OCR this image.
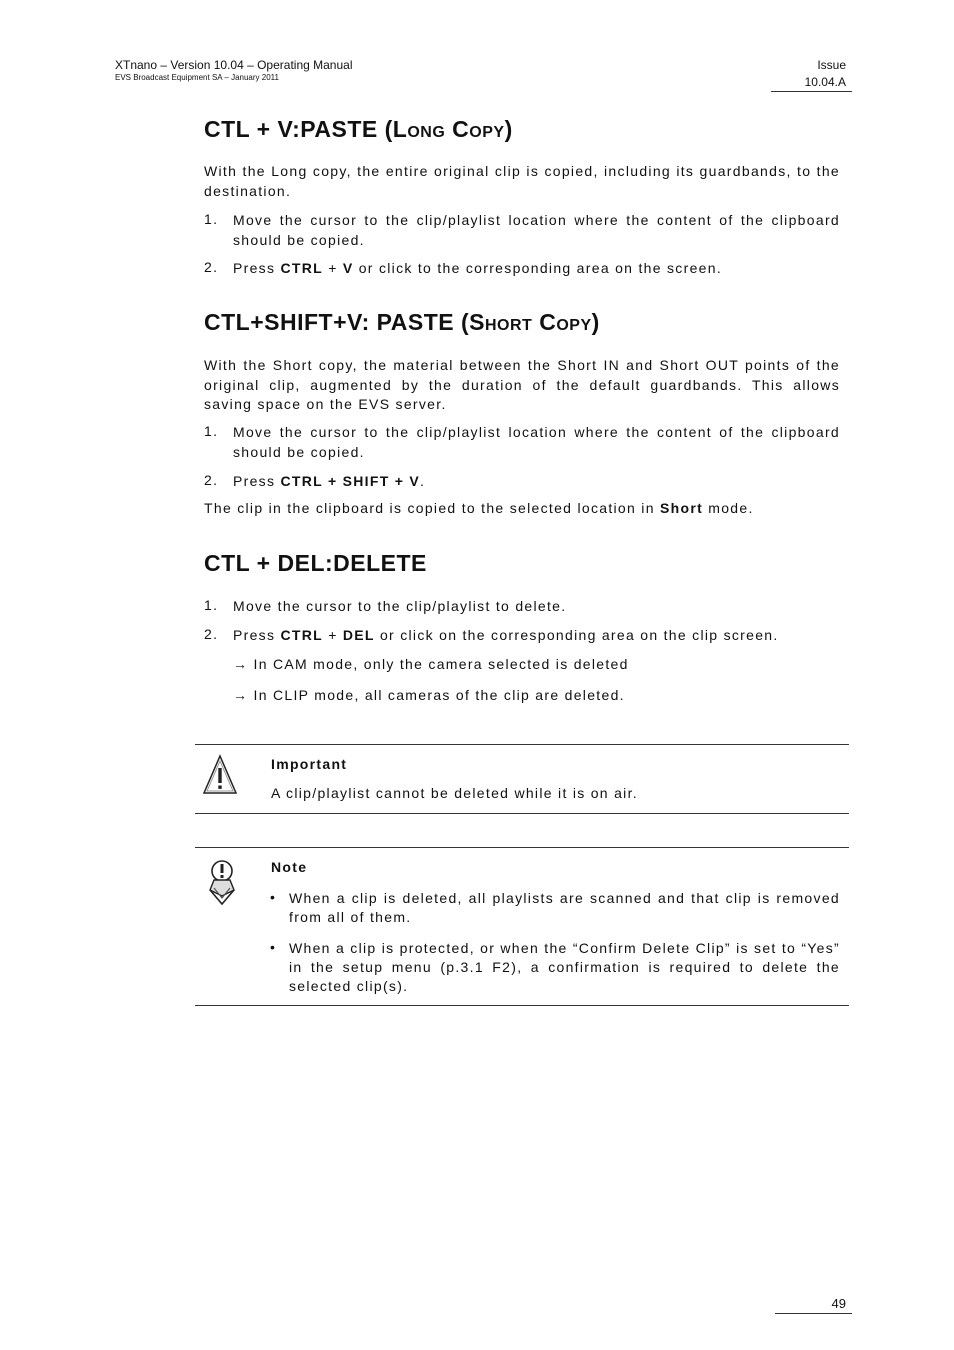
XTnano – Version 10.04 – Operating Manual
EVS Broadcast Equipment SA – January 2011
Issue
10.04.A
CTL + V:PASTE (LONG COPY)
With the Long copy, the entire original clip is copied, including its guardbands, to the destination.
1. Move the cursor to the clip/playlist location where the content of the clipboard should be copied.
2. Press CTRL + V or click to the corresponding area on the screen.
CTL+SHIFT+V: PASTE (SHORT COPY)
With the Short copy, the material between the Short IN and Short OUT points of the original clip, augmented by the duration of the default guardbands. This allows saving space on the EVS server.
1. Move the cursor to the clip/playlist location where the content of the clipboard should be copied.
2. Press CTRL + SHIFT + V.
The clip in the clipboard is copied to the selected location in Short mode.
CTL + DEL:DELETE
1. Move the cursor to the clip/playlist to delete.
2. Press CTRL + DEL or click on the corresponding area on the clip screen.
→ In CAM mode, only the camera selected is deleted
→ In CLIP mode, all cameras of the clip are deleted.
Important
A clip/playlist cannot be deleted while it is on air.
Note
• When a clip is deleted, all playlists are scanned and that clip is removed from all of them.
• When a clip is protected, or when the “Confirm Delete Clip” is set to “Yes” in the setup menu (p.3.1 F2), a confirmation is required to delete the selected clip(s).
49
